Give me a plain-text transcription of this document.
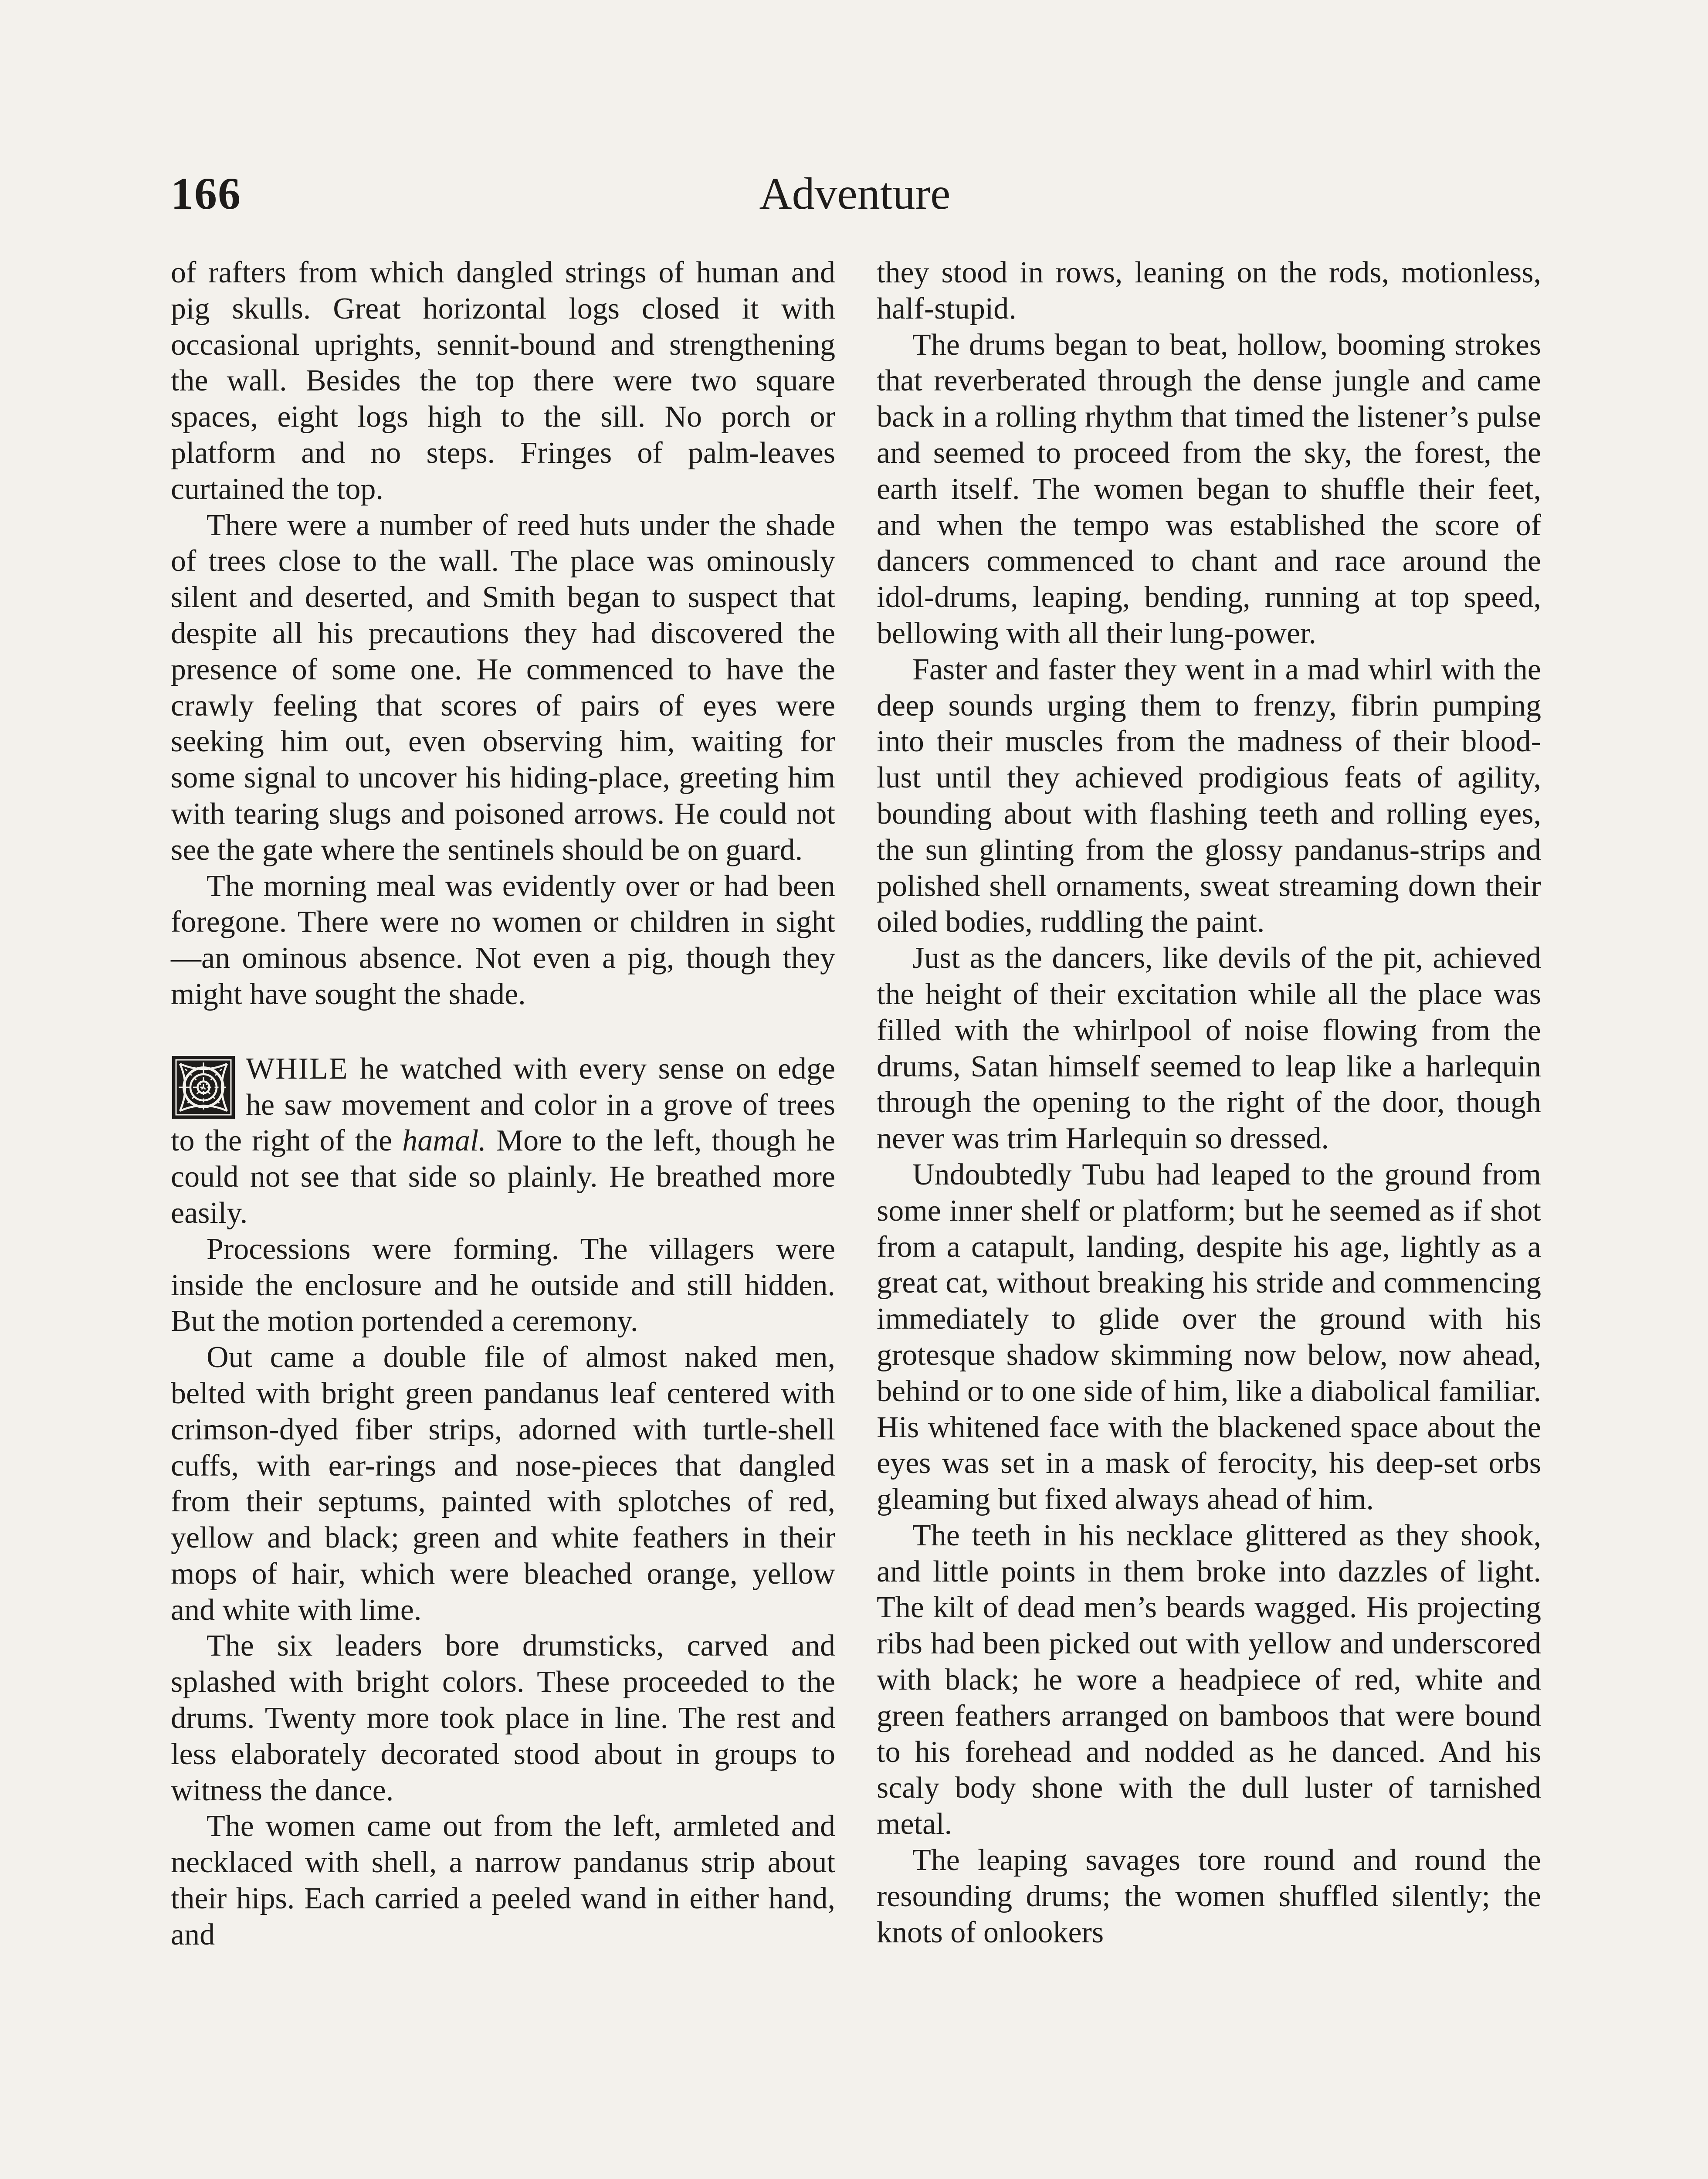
166	Adventure

of rafters from which dangled strings of human and pig skulls. Great horizontal logs closed it with occasional uprights, sennit-bound and strengthening the wall. Besides the top there were two square spaces, eight logs high to the sill. No porch or platform and no steps. Fringes of palm-leaves curtained the top.

There were a number of reed huts under the shade of trees close to the wall. The place was ominously silent and deserted, and Smith began to suspect that despite all his precautions they had discovered the presence of some one. He commenced to have the crawly feeling that scores of pairs of eyes were seeking him out, even observing him, waiting for some signal to uncover his hiding-place, greeting him with tearing slugs and poisoned arrows. He could not see the gate where the sentinels should be on guard.

The morning meal was evidently over or had been foregone. There were no women or children in sight—an ominous absence. Not even a pig, though they might have sought the shade.

WHILE he watched with every sense on edge he saw movement and color in a grove of trees to the right of the hamal. More to the left, though he could not see that side so plainly. He breathed more easily.

Processions were forming. The villagers were inside the enclosure and he outside and still hidden. But the motion portended a ceremony.

Out came a double file of almost naked men, belted with bright green pandanus leaf centered with crimson-dyed fiber strips, adorned with turtle-shell cuffs, with ear-rings and nose-pieces that dangled from their septums, painted with splotches of red, yellow and black; green and white feathers in their mops of hair, which were bleached orange, yellow and white with lime.

The six leaders bore drumsticks, carved and splashed with bright colors. These proceeded to the drums. Twenty more took place in line. The rest and less elaborately decorated stood about in groups to witness the dance.

The women came out from the left, armleted and necklaced with shell, a narrow pandanus strip about their hips. Each carried a peeled wand in either hand, and

they stood in rows, leaning on the rods, motionless, half-stupid.

The drums began to beat, hollow, booming strokes that reverberated through the dense jungle and came back in a rolling rhythm that timed the listener’s pulse and seemed to proceed from the sky, the forest, the earth itself. The women began to shuffle their feet, and when the tempo was established the score of dancers commenced to chant and race around the idol-drums, leaping, bending, running at top speed, bellowing with all their lung-power.

Faster and faster they went in a mad whirl with the deep sounds urging them to frenzy, fibrin pumping into their muscles from the madness of their blood-lust until they achieved prodigious feats of agility, bounding about with flashing teeth and rolling eyes, the sun glinting from the glossy pandanus-strips and polished shell ornaments, sweat streaming down their oiled bodies, ruddling the paint.

Just as the dancers, like devils of the pit, achieved the height of their excitation while all the place was filled with the whirlpool of noise flowing from the drums, Satan himself seemed to leap like a harlequin through the opening to the right of the door, though never was trim Harlequin so dressed.

Undoubtedly Tubu had leaped to the ground from some inner shelf or platform; but he seemed as if shot from a catapult, landing, despite his age, lightly as a great cat, without breaking his stride and commencing immediately to glide over the ground with his grotesque shadow skimming now below, now ahead, behind or to one side of him, like a diabolical familiar. His whitened face with the blackened space about the eyes was set in a mask of ferocity, his deep-set orbs gleaming but fixed always ahead of him.

The teeth in his necklace glittered as they shook, and little points in them broke into dazzles of light. The kilt of dead men’s beards wagged. His projecting ribs had been picked out with yellow and underscored with black; he wore a headpiece of red, white and green feathers arranged on bamboos that were bound to his forehead and nodded as he danced. And his scaly body shone with the dull luster of tarnished metal.

The leaping savages tore round and round the resounding drums; the women shuffled silently; the knots of onlookers
